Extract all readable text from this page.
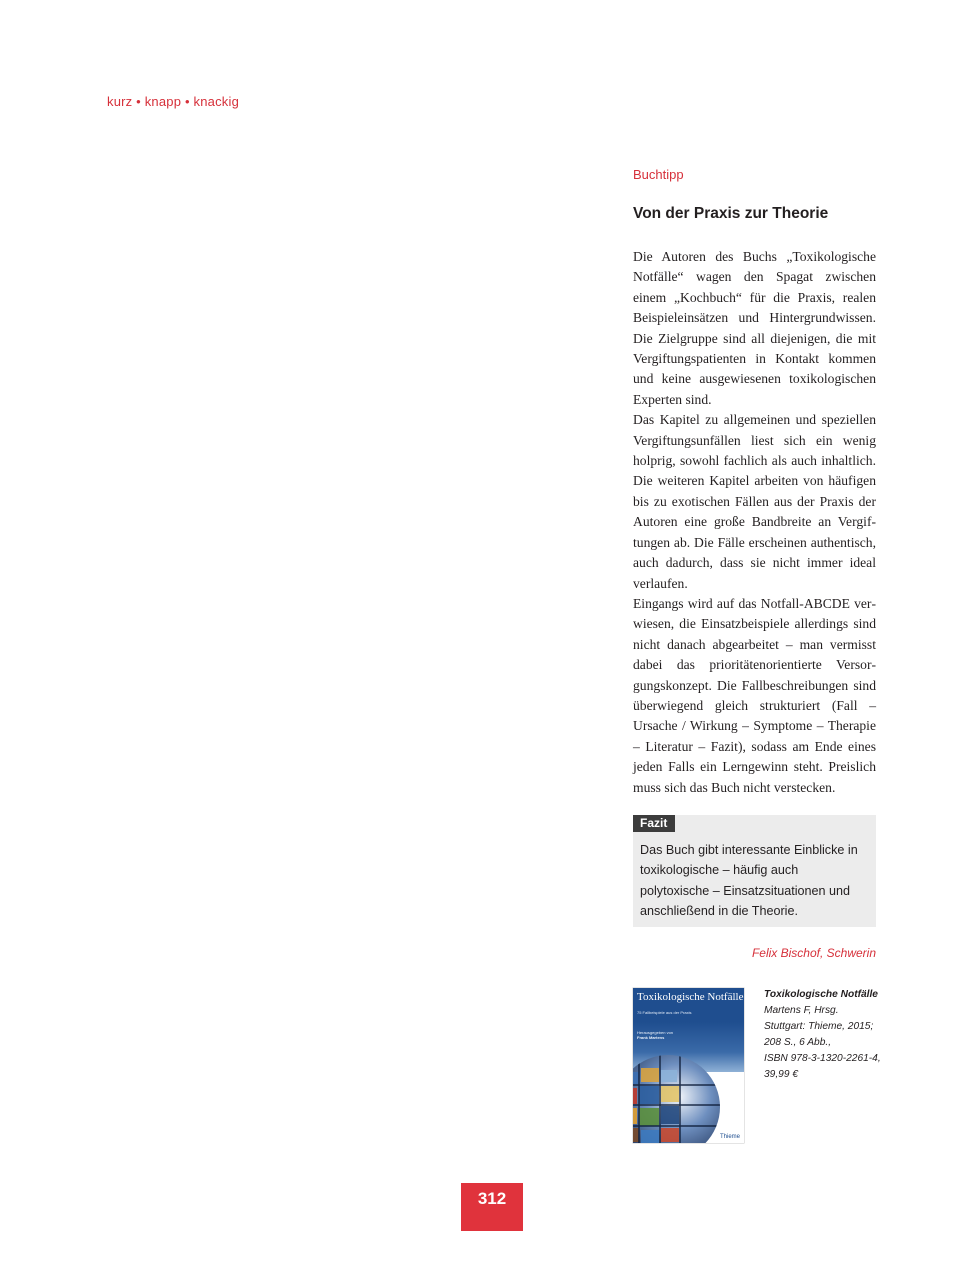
kurz • knapp • knackig
Buchtipp
Von der Praxis zur Theorie

Die Autoren des Buchs „Toxikologische Notfälle“ wagen den Spagat zwischen einem „Kochbuch“ für die Praxis, realen Beispieleinsätzen und Hintergrundwissen. Die Zielgruppe sind all diejenigen, die mit Vergiftungspatienten in Kontakt kommen und keine ausgewiesenen toxikologischen Experten sind.

Das Kapitel zu allgemeinen und speziellen Vergiftungsunfällen liest sich ein wenig holprig, sowohl fachlich als auch inhaltlich. Die weiteren Kapitel arbeiten von häufigen bis zu exotischen Fällen aus der Praxis der Autoren eine große Bandbreite an Vergiftungen ab. Die Fälle erscheinen authentisch, auch dadurch, dass sie nicht immer ideal verlaufen.

Eingangs wird auf das Notfall-ABCDE verwiesen, die Einsatzbeispiele allerdings sind nicht danach abgearbeitet – man vermisst dabei das prioritätenorientierte Versorgungskonzept. Die Fallbeschreibungen sind überwiegend gleich strukturiert (Fall – Ursache / Wirkung – Symptome – Therapie – Literatur – Fazit), sodass am Ende eines jeden Falls ein Lerngewinn steht. Preislich muss sich das Buch nicht verstecken.

Fazit
Das Buch gibt interessante Einblicke in toxikologische – häufig auch polytoxische – Einsatzsituationen und anschließend in die Theorie.
Felix Bischof, Schwerin
Toxikologische Notfälle
75 Fallbeispiele aus der Praxis
Herausgegeben von
Frank Martens
Thieme
Toxikologische Notfälle
Martens F, Hrsg.
Stuttgart: Thieme, 2015;
208 S., 6 Abb.,
ISBN 978-3-1320-2261-4,
39,99 €
312
